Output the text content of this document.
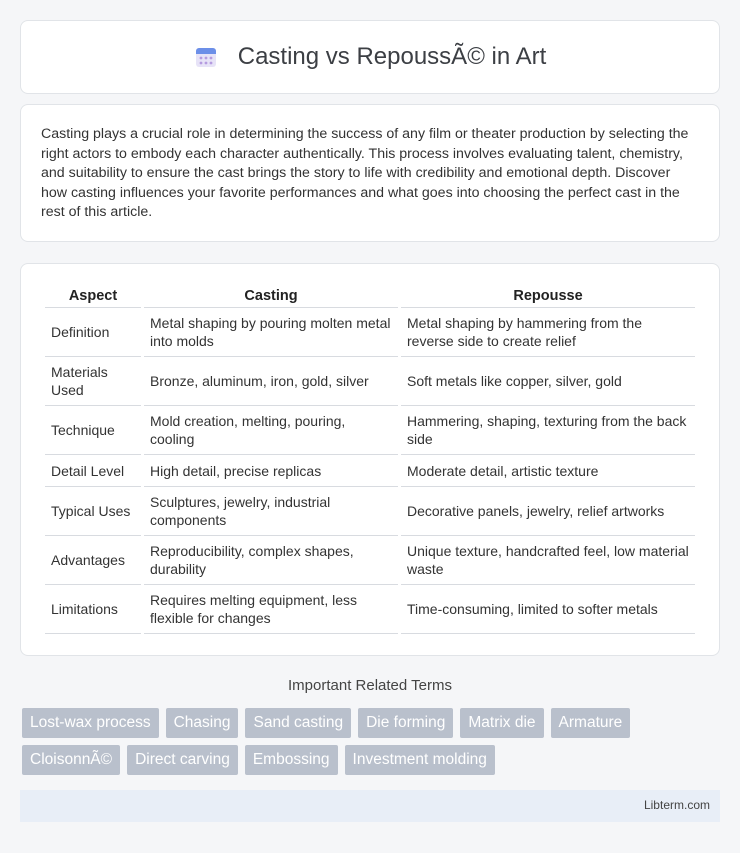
Casting vs RepoussÃ© in Art

Casting plays a crucial role in determining the success of any film or theater production by selecting the right actors to embody each character authentically. This process involves evaluating talent, chemistry, and suitability to ensure the cast brings the story to life with credibility and emotional depth. Discover how casting influences your favorite performances and what goes into choosing the perfect cast in the rest of this article.

Aspect	Casting	Repousse
Definition	Metal shaping by pouring molten metal into molds	Metal shaping by hammering from the reverse side to create relief
Materials Used	Bronze, aluminum, iron, gold, silver	Soft metals like copper, silver, gold
Technique	Mold creation, melting, pouring, cooling	Hammering, shaping, texturing from the back side
Detail Level	High detail, precise replicas	Moderate detail, artistic texture
Typical Uses	Sculptures, jewelry, industrial components	Decorative panels, jewelry, relief artworks
Advantages	Reproducibility, complex shapes, durability	Unique texture, handcrafted feel, low material waste
Limitations	Requires melting equipment, less flexible for changes	Time-consuming, limited to softer metals
Important Related Terms
Lost-wax process	Chasing	Sand casting	Die forming	Matrix die	Armature
CloisonnÃ©	Direct carving	Embossing	Investment molding
Libterm.com
